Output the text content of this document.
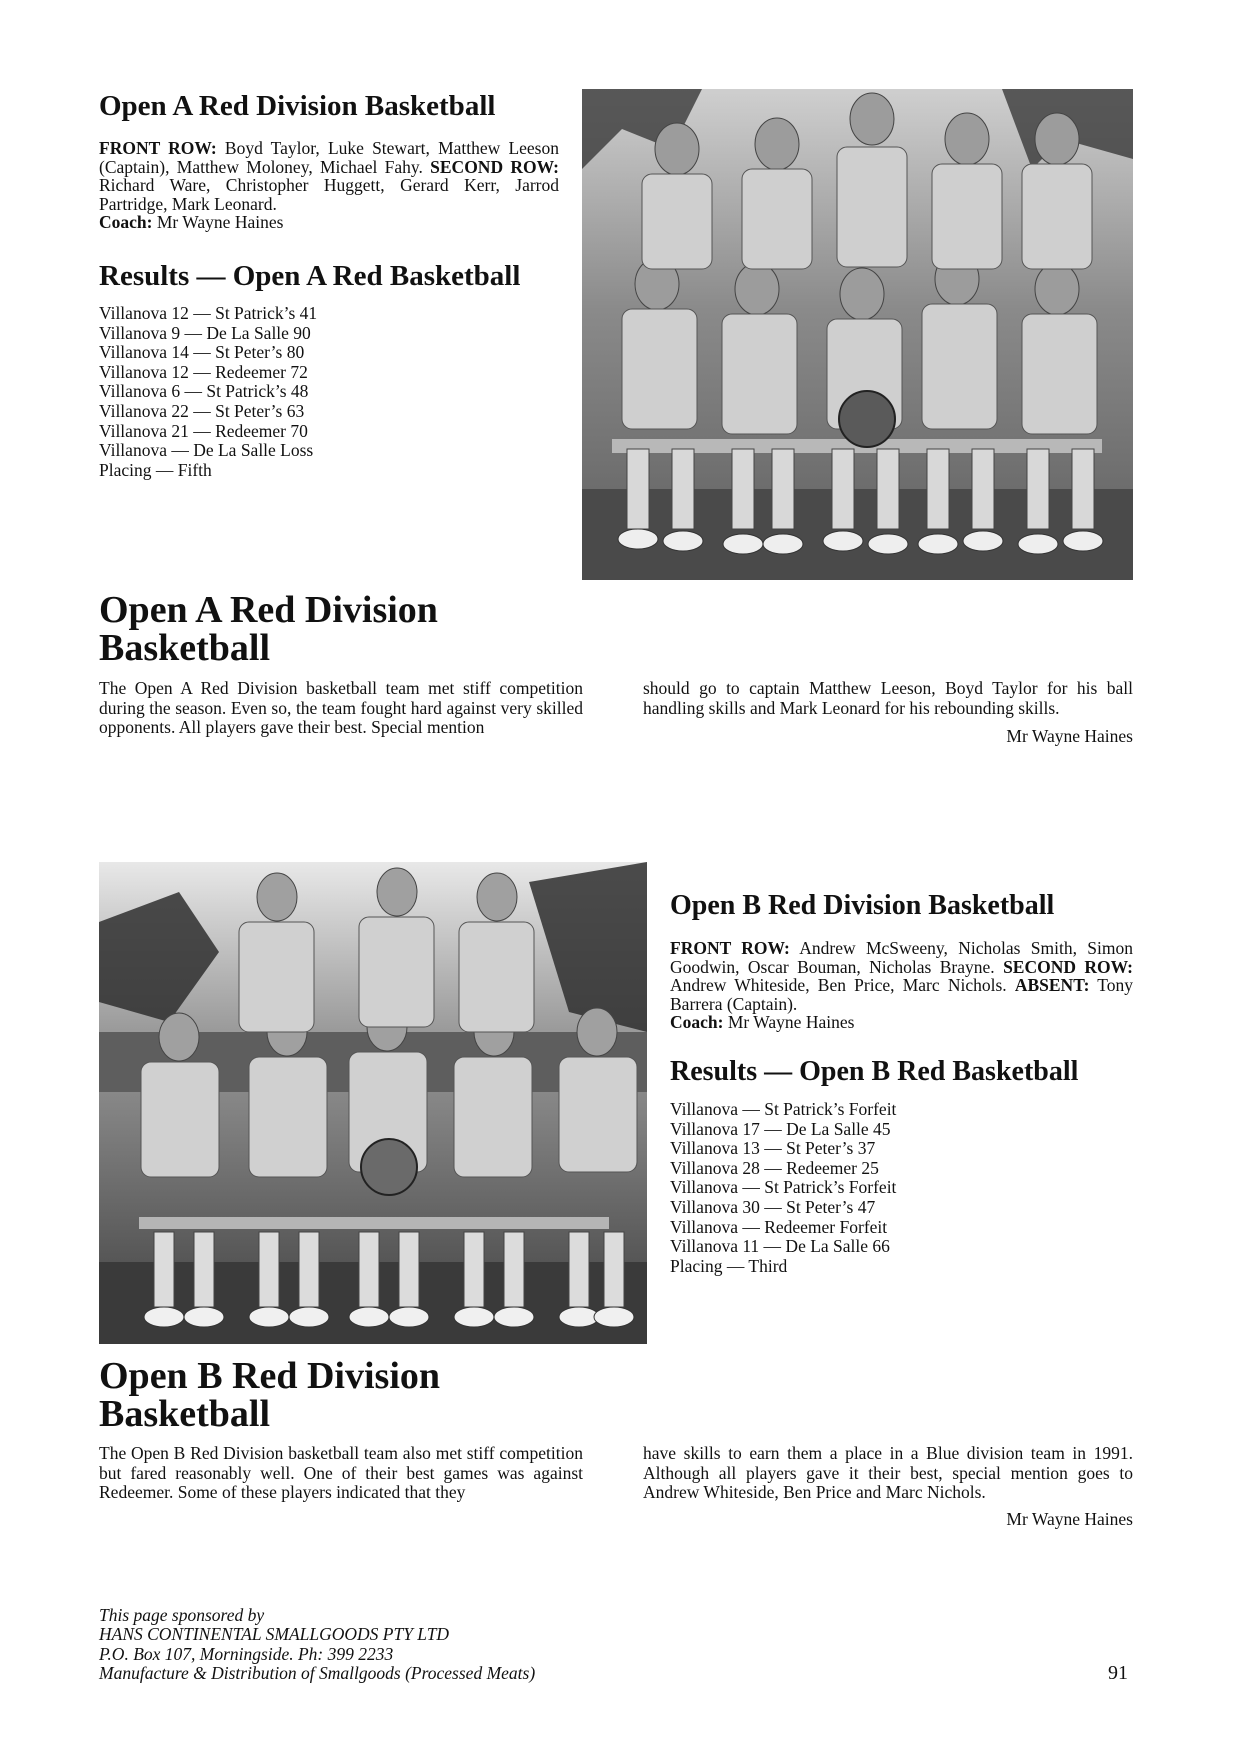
Open A Red Division Basketball

FRONT ROW: Boyd Taylor, Luke Stewart, Matthew Leeson (Captain), Matthew Moloney, Michael Fahy. SECOND ROW: Richard Ware, Christopher Huggett, Gerard Kerr, Jarrod Partridge, Mark Leonard.
Coach: Mr Wayne Haines

Results — Open A Red Basketball
Villanova 12 — St Patrick’s 41
Villanova 9 — De La Salle 90
Villanova 14 — St Peter’s 80
Villanova 12 — Redeemer 72
Villanova 6 — St Patrick’s 48
Villanova 22 — St Peter’s 63
Villanova 21 — Redeemer 70
Villanova — De La Salle Loss
Placing — Fifth
Open A Red Division
Basketball

The Open A Red Division basketball team met stiff competition during the season. Even so, the team fought hard against very skilled opponents. All players gave their best. Special mention

should go to captain Matthew Leeson, Boyd Taylor for his ball handling skills and Mark Leonard for his rebounding skills.

Mr Wayne Haines

Open B Red Division Basketball

FRONT ROW: Andrew McSweeny, Nicholas Smith, Simon Goodwin, Oscar Bouman, Nicholas Brayne. SECOND ROW: Andrew Whiteside, Ben Price, Marc Nichols. ABSENT: Tony Barrera (Captain).
Coach: Mr Wayne Haines

Results — Open B Red Basketball
Villanova — St Patrick’s Forfeit
Villanova 17 — De La Salle 45
Villanova 13 — St Peter’s 37
Villanova 28 — Redeemer 25
Villanova — St Patrick’s Forfeit
Villanova 30 — St Peter’s 47
Villanova — Redeemer Forfeit
Villanova 11 — De La Salle 66
Placing — Third
Open B Red Division
Basketball

The Open B Red Division basketball team also met stiff competition but fared reasonably well. One of their best games was against Redeemer. Some of these players indicated that they

have skills to earn them a place in a Blue division team in 1991. Although all players gave it their best, special mention goes to Andrew Whiteside, Ben Price and Marc Nichols.

Mr Wayne Haines

This page sponsored by
HANS CONTINENTAL SMALLGOODS PTY LTD
P.O. Box 107, Morningside. Ph: 399 2233
Manufacture & Distribution of Smallgoods (Processed Meats)	91
